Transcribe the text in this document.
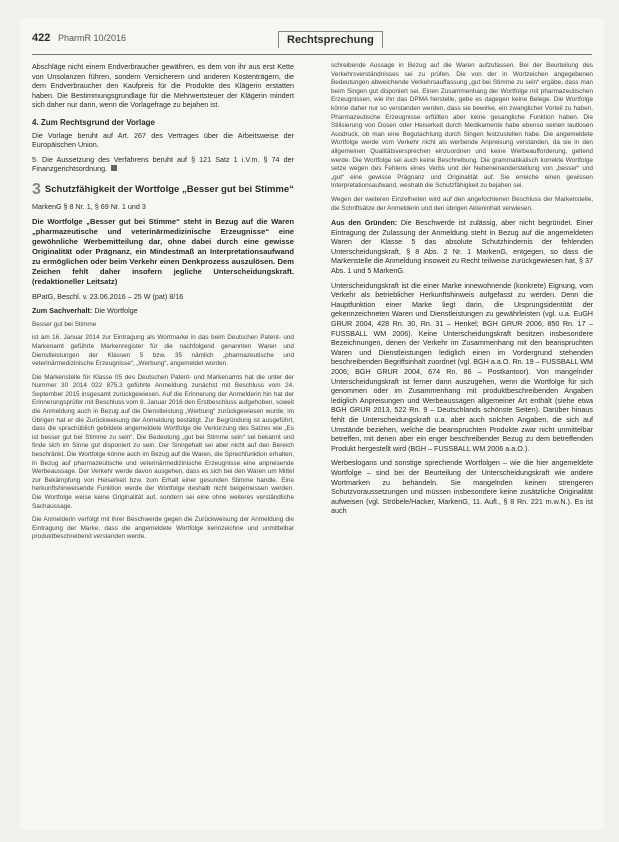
422 PharmR 10/2016	Rechtsprechung

Abschläge nicht einem Endverbraucher gewähren, es dem von ihr aus erst Kette von Unsolanzen führen, sondern Versicherern und anderen Kostenträgern, die dem Endverbraucher den Kaufpreis für die Produkte des Klägerin erstatten haben. Die Bestimmungsgrundlage für die Mehrwertsteuer der Klägerin mindert sich daher nur dann, wenn die Vorlagefrage zu bejahen ist.

4. Zum Rechtsgrund der Vorlage

Die Vorlage beruht auf Art. 267 des Vertrages über die Arbeitsweise der Europäischen Union.

5. Die Aussetzung des Verfahrens beruht auf § 121 Satz 1 i.V.m. § 74 der Finanzgerichtsordnung.

3 Schutzfähigkeit der Wortfolge „Besser gut bei Stimme“

MarkenG § 8 Nr. 1, § 69 Nr. 1 und 3

Die Wortfolge „Besser gut bei Stimme“ steht in Bezug auf die Waren „pharmazeutische und veterinärmedizinische Erzeugnisse“ eine gewöhnliche Werbemitteilung dar, ohne dabei durch eine gewisse Originalität oder Prägnanz, ein Mindestmaß an Interpretationsaufwand zu ermöglichen oder beim Verkehr einen Denkprozess auszulösen. Dem Zeichen fehlt daher insofern jegliche Unterscheidungskraft. (redaktioneller Leitsatz)

BPatG, Beschl. v. 23.06.2016 – 25 W (pat) 8/16

Zum Sachverhalt: Die Wortfolge

Besser gut bei Stimme

ist am 16. Januar 2014 zur Eintragung als Wortmarke in das beim Deutschen Patent- und Markenamt geführte Markenregister für die nachfolgend genannten Waren und Dienstleistungen der Klassen 5 bzw. 35 nämlich „pharmazeutische und veterinärmedizinische Erzeugnisse“, „Werbung“, angemeldet worden.

Die Markenstelle für Klasse 05 des Deutschen Patent- und Markenamts hat die unter der Nummer 30 2014 022 875.3 geführte Anmeldung zunächst mit Beschluss vom 24. September 2015 insgesamt zurückgewiesen. Auf die Erinnerung der Anmelderin hin hat der Erinnerungsprüfer mit Beschluss vom 8. Januar 2016 den Erstbeschluss aufgehoben, soweit die Anmeldung auch in Bezug auf die Dienstleistung „Werbung“ zurückgewiesen wurde; im Übrigen hat er die Zurückweisung der Anmeldung bestätigt. Zur Begründung ist ausgeführt, dass die sprachüblich gebildete angemeldete Wortfolge die Verkürzung des Satzes wie „Es ist besser gut bei Stimme zu sein“. Die Bedeutung „gut bei Stimme sein“ sei bekannt und finde sich im Sinne gut disponiert zu sein. Der Sinngehalt sei aber nicht auf den Bereich beschränkt. Die Wortfolge könne auch im Bezug auf die Waren, die Sprechfunktion erhalten, in Bezug auf pharmazeutische und veterinärmedizinische Erzeugnisse eine anpreisende Werbeaussage. Der Verkehr werde davon ausgehen, dass es sich bei den Waren um Mittel zur Bekämpfung von Heiserkeit bzw. zum Erhalt einer gesunden Stimme handle. Eine herkunftshinweisende Funktion werde der Wortfolge deshalb nicht beigemessen werden. Die Wortfolge weise keine Originalität auf, sondern sei eine ohne weiteres verständliche Sachaussage.

Die Anmelderin verfolgt mit ihrer Beschwerde gegen die Zurückweisung der Anmeldung die Eintragung der Marke, dass die angemeldete Wortfolge kennzeichne und unmittelbar produktbeschreibend verstanden werde.

schreibende Aussage in Bezug auf die Waren aufzufassen. Bei der Beurteilung des Verkehrsverständnisses sei zu prüfen. Die von der in Wortzeichen angegebenen Bedeutungen abweichende Verkehrsauffassung „gut bei Stimme zu sein“ ergäbe, dass man beim Singen gut disponiert sei. Einen Zusammenhang der Wortfolge mit pharmazeutischen Erzeugnissen, wie ihn das DPMA herstelle, gebe es dagegen keine Belege. Die Wortfolge könne daher nur so verstanden werden, dass sie bewirke, ein zwanglicher Vorteil zu haben. Pharmazeutische Erzeugnisse erfüllten aber keine gesangliche Funktion haben. Die Stilisierung von Dosen oder Heiserkeit durch Medikamente habe ebenso seinen lautlosen Ausdruck, ob man eine Begutachtung durch Singen festzustellen habe. Die angemeldete Wortfolge werde vom Verkehr nicht als werbende Anpreisung verstanden, da sie in den allgemeinen Qualitätsversprechen einzuordnen und keine Werbeaufforderung, geltend werde. Die Wortfolge sei auch keine Beschreibung. Die grammatikalisch korrekte Wortfolge setze wegen des Fehlens eines Verbs und der Nebeneinanderstellung von „besser“ und „gut“ eine gewisse Prägnanz und Originalität auf. Sie erreiche einen gewissen Interpretationsaufwand, weshalb die Schutzfähigkeit zu bejahen sei.

Wegen der weiteren Einzelheiten wird auf den angefochtenen Beschluss der Markenstelle, die Schriftsätze der Anmelderin und den übrigen Akteninhalt verwiesen.

Aus den Gründen: Die Beschwerde ist zulässig, aber nicht begründet. Einer Eintragung der Zulassung der Anmeldung steht in Bezug auf die angemeldeten Waren der Klasse 5 das absolute Schutzhindernis der fehlenden Unterscheidungskraft, § 8 Abs. 2 Nr. 1 MarkenG, entgegen, so dass die Markenstelle die Anmeldung insoweit zu Recht teilweise zurückgewiesen hat, § 37 Abs. 1 und 5 MarkenG.

Unterscheidungskraft ist die einer Marke innewohnende (konkrete) Eignung, vom Verkehr als betrieblicher Herkunftshinweis aufgefasst zu werden. Denn die Hauptfunktion einer Marke liegt darin, die Ursprungsidentität der gekennzeichneten Waren und Dienstleistungen zu gewährleisten (vgl. u.a. EuGH GRUR 2004, 428 Rn. 30, Rn. 31 – Henkel; BGH GRUR 2006, 850 Rn. 17 – FUSSBALL WM 2006). Keine Unterscheidungskraft besitzen insbesondere Bezeichnungen, denen der Verkehr im Zusammenhang mit den beanspruchten Waren und Dienstleistungen lediglich einen im Vordergrund stehenden beschreibenden Begriffsinhalt zuordnet (vgl. BGH a.a.O. Rn. 19 – FUSSBALL WM 2006; BGH GRUR 2004, 674 Rn. 86 – Postkantoor). Von mangelnder Unterscheidungskraft ist ferner dann auszugehen, wenn die Wortfolge für sich genommen oder im Zusammenhang mit produktbeschreibenden Angaben lediglich Anpreisungen und Werbeaussagen allgemeiner Art enthält (siehe etwa BGH GRUR 2013, 522 Rn. 9 – Deutschlands schönste Seiten). Darüber hinaus fehlt die Unterscheidungskraft u.a. aber auch solchen Angaben, die sich auf Umstände beziehen, welche die beanspruchten Produkte zwar nicht unmittelbar betreffen, mit denen aber ein enger beschreibender Bezug zu dem betreffenden Produkt hergestellt wird (BGH – FUSSBALL WM 2006 a.a.O.).

Werbeslogans und sonstige sprechende Wortfolgen – wie die hier angemeldete Wortfolge – sind bei der Beurteilung der Unterscheidungskraft wie andere Wortmarken zu behandeln. Sie mangelnden keinen strengeren Schutzvoraussetzungen und müssen insbesondere keine zusätzliche Originalität aufweisen (vgl. Ströbele/Hacker, MarkenG, 11. Aufl., § 8 Rn. 221 m.w.N.). Es ist auch
